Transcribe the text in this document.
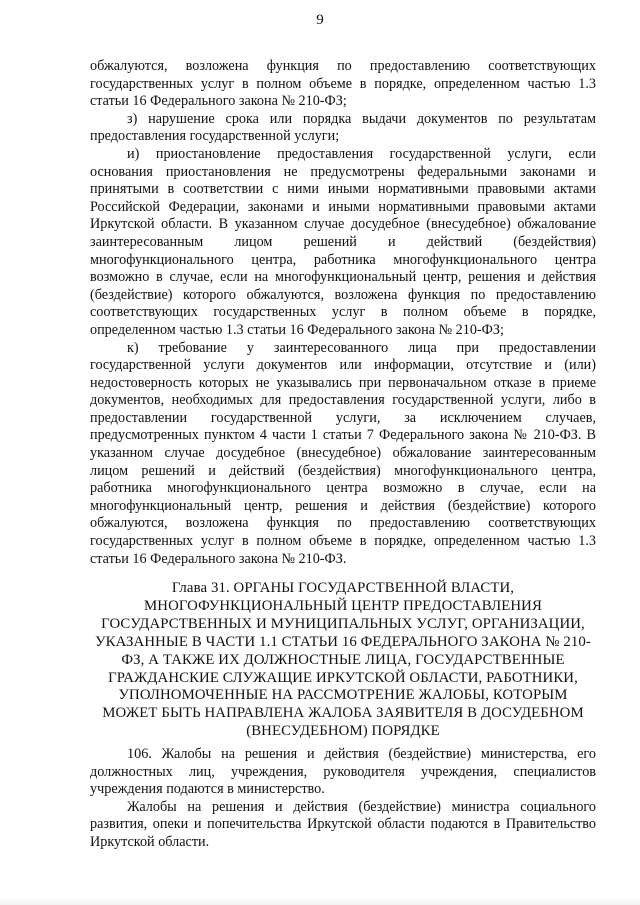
9

обжалуются, возложена функция по предоставлению соответствующих государственных услуг в полном объеме в порядке, определенном частью 1.3 статьи 16 Федерального закона № 210-ФЗ;

з) нарушение срока или порядка выдачи документов по результатам предоставления государственной услуги;

и) приостановление предоставления государственной услуги, если основания приостановления не предусмотрены федеральными законами и принятыми в соответствии с ними иными нормативными правовыми актами Российской Федерации, законами и иными нормативными правовыми актами Иркутской области. В указанном случае досудебное (внесудебное) обжалование заинтересованным лицом решений и действий (бездействия) многофункционального центра, работника многофункционального центра возможно в случае, если на многофункциональный центр, решения и действия (бездействие) которого обжалуются, возложена функция по предоставлению соответствующих государственных услуг в полном объеме в порядке, определенном частью 1.3 статьи 16 Федерального закона № 210-ФЗ;

к) требование у заинтересованного лица при предоставлении государственной услуги документов или информации, отсутствие и (или) недостоверность которых не указывались при первоначальном отказе в приеме документов, необходимых для предоставления государственной услуги, либо в предоставлении государственной услуги, за исключением случаев, предусмотренных пунктом 4 части 1 статьи 7 Федерального закона № 210-ФЗ. В указанном случае досудебное (внесудебное) обжалование заинтересованным лицом решений и действий (бездействия) многофункционального центра, работника многофункционального центра возможно в случае, если на многофункциональный центр, решения и действия (бездействие) которого обжалуются, возложена функция по предоставлению соответствующих государственных услуг в полном объеме в порядке, определенном частью 1.3 статьи 16 Федерального закона № 210-ФЗ.

Глава 31. ОРГАНЫ ГОСУДАРСТВЕННОЙ ВЛАСТИ, МНОГОФУНКЦИОНАЛЬНЫЙ ЦЕНТР ПРЕДОСТАВЛЕНИЯ ГОСУДАРСТВЕННЫХ И МУНИЦИПАЛЬНЫХ УСЛУГ, ОРГАНИЗАЦИИ, УКАЗАННЫЕ В ЧАСТИ 1.1 СТАТЬИ 16 ФЕДЕРАЛЬНОГО ЗАКОНА № 210-ФЗ, А ТАКЖЕ ИХ ДОЛЖНОСТНЫЕ ЛИЦА, ГОСУДАРСТВЕННЫЕ ГРАЖДАНСКИЕ СЛУЖАЩИЕ ИРКУТСКОЙ ОБЛАСТИ, РАБОТНИКИ, УПОЛНОМОЧЕННЫЕ НА РАССМОТРЕНИЕ ЖАЛОБЫ, КОТОРЫМ МОЖЕТ БЫТЬ НАПРАВЛЕНА ЖАЛОБА ЗАЯВИТЕЛЯ В ДОСУДЕБНОМ (ВНЕСУДЕБНОМ) ПОРЯДКЕ

106. Жалобы на решения и действия (бездействие) министерства, его должностных лиц, учреждения, руководителя учреждения, специалистов учреждения подаются в министерство.

Жалобы на решения и действия (бездействие) министра социального развития, опеки и попечительства Иркутской области подаются в Правительство Иркутской области.
